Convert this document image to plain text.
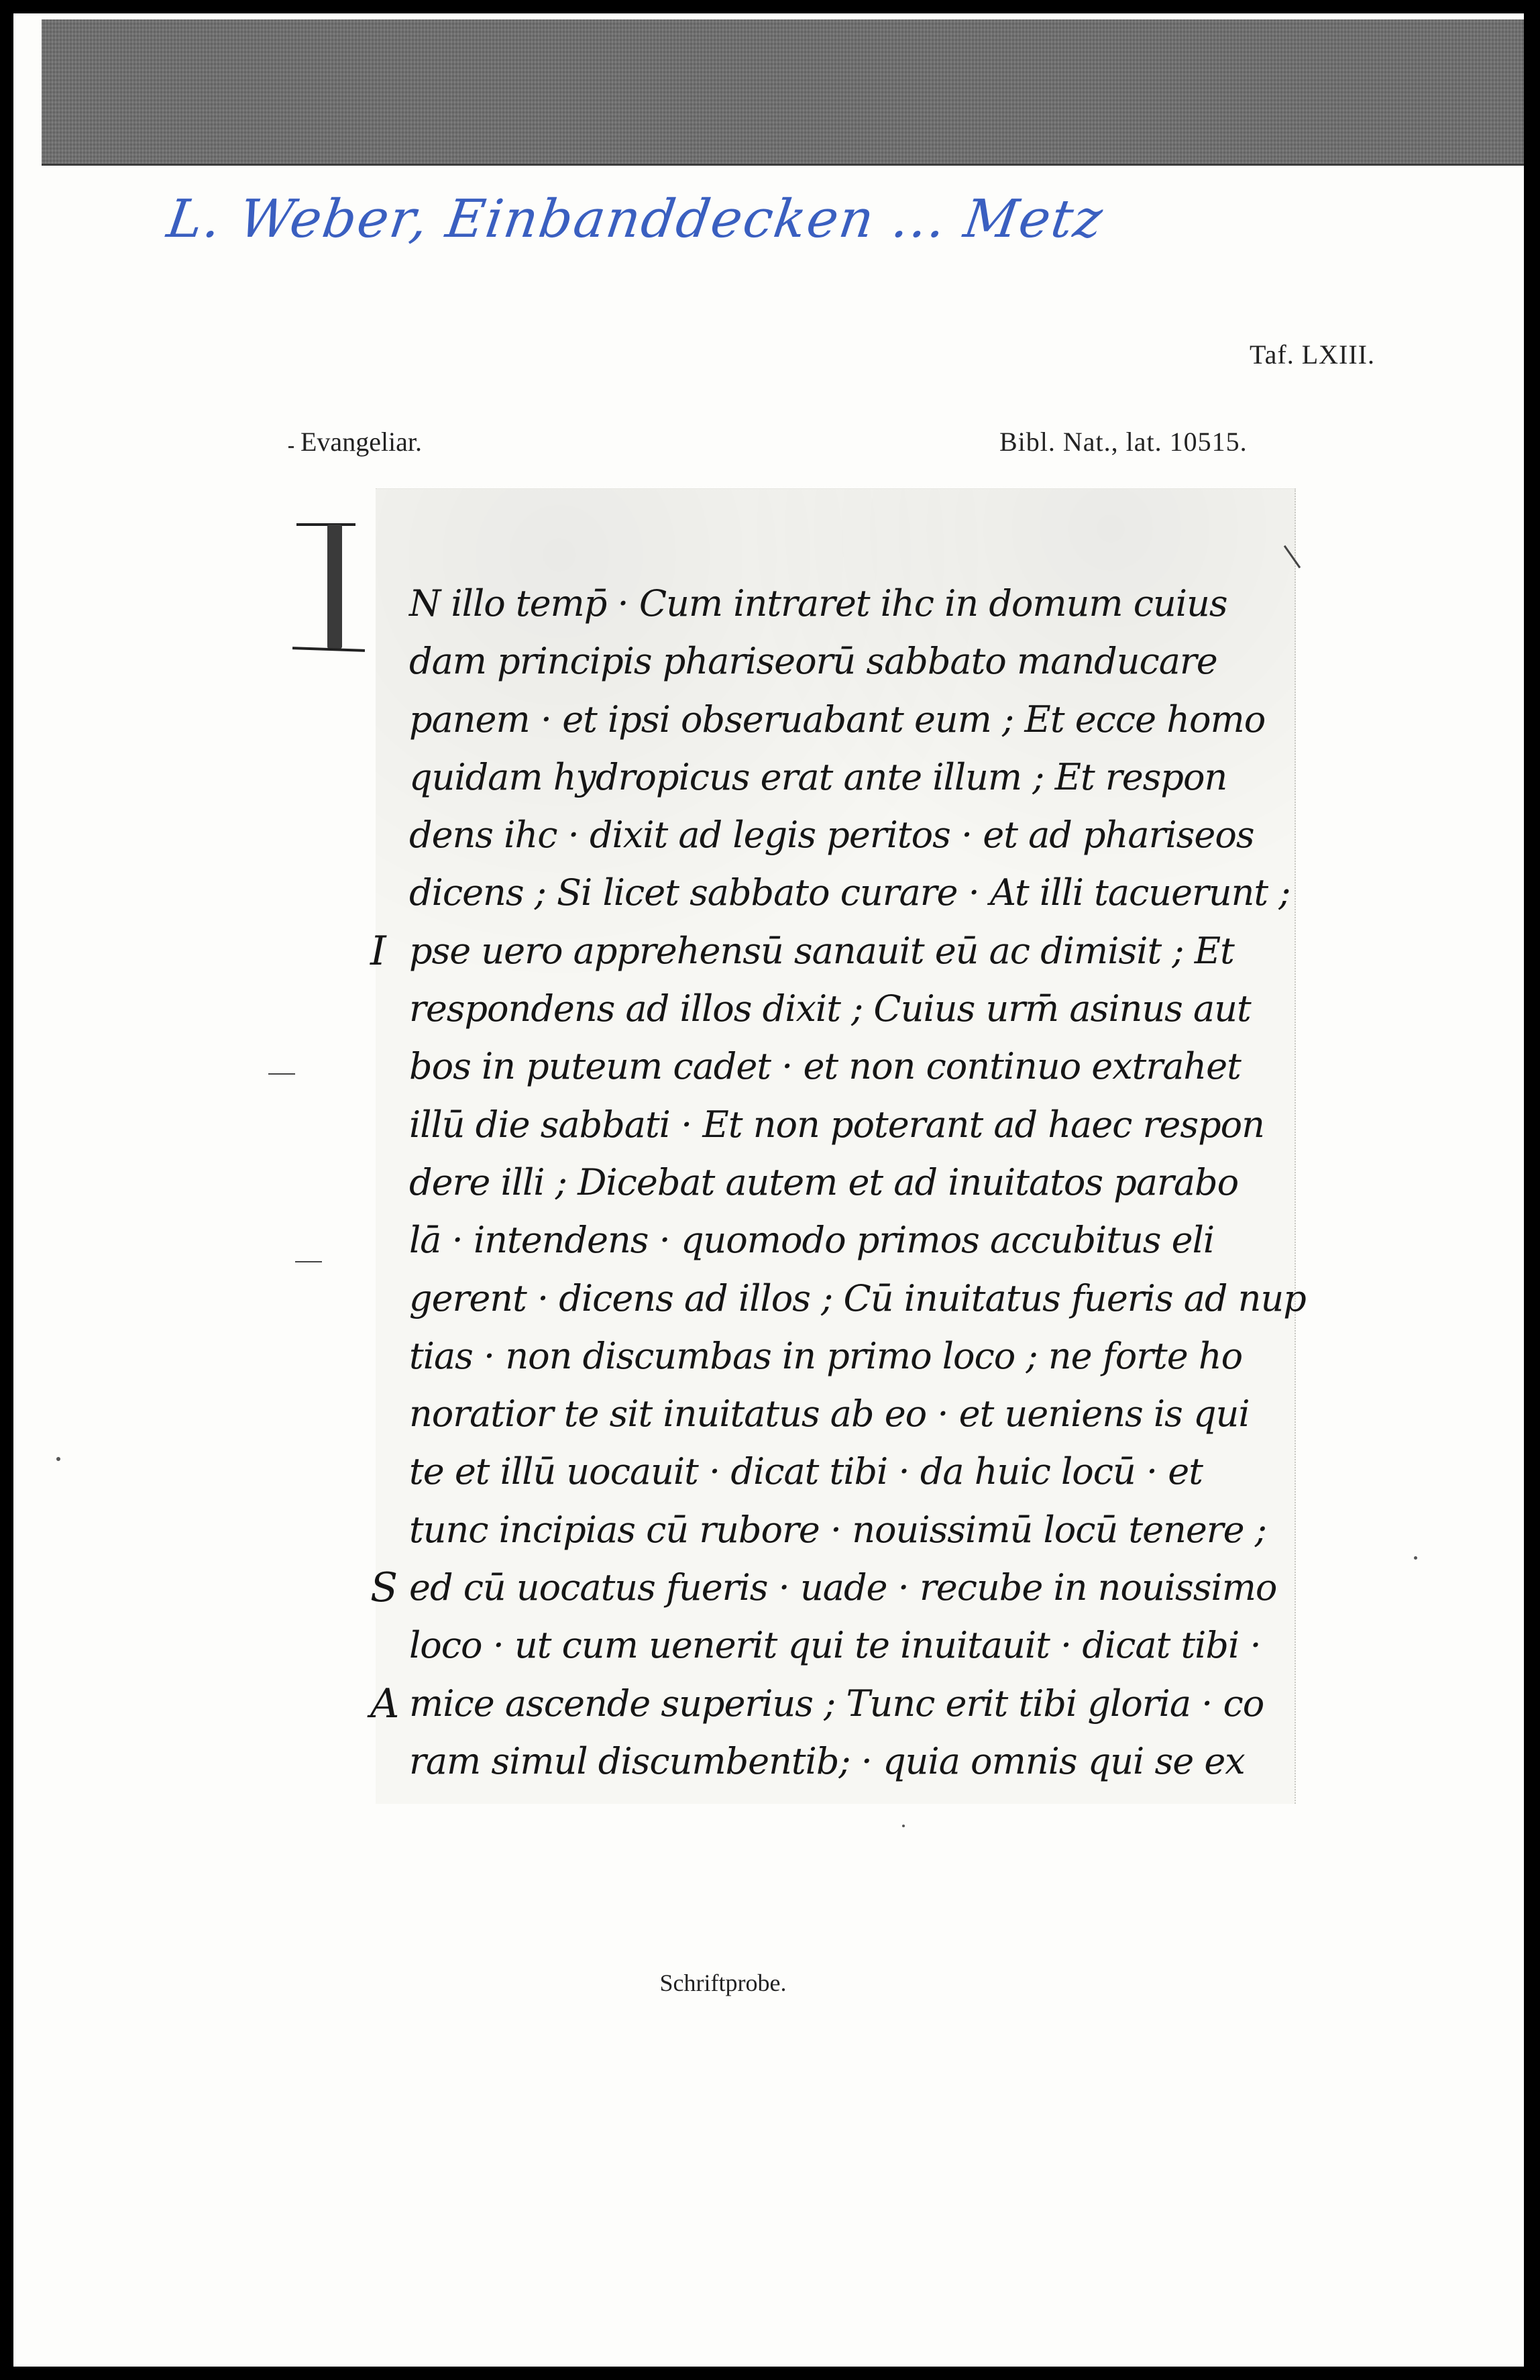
L. Weber, Einbanddecken ... Metz
Taf. LXIII.
Evangeliar.	Bibl. Nat., lat. 10515.
N illo temp̄ · Cum intraret ihc in domum cuius
dam principis phariseorū sabbato manducare
panem · et ipsi obseruabant eum ; Et ecce homo
quidam hydropicus erat ante illum ; Et respon
dens ihc · dixit ad legis peritos · et ad phariseos
dicens ; Si licet sabbato curare · At illi tacuerunt ;
I pse uero apprehensū sanauit eū ac dimisit ; Et
respondens ad illos dixit ; Cuius urm̄ asinus aut
bos in puteum cadet · et non continuo extrahet
illū die sabbati · Et non poterant ad haec respon
dere illi ; Dicebat autem et ad inuitatos parabo
lā · intendens · quomodo primos accubitus eli
gerent · dicens ad illos ; Cū inuitatus fueris ad nup
tias · non discumbas in primo loco ; ne forte ho
noratior te sit inuitatus ab eo · et ueniens is qui
te et illū uocauit · dicat tibi · da huic locū · et
tunc incipias cū rubore · nouissimū locū tenere ;
S ed cū uocatus fueris · uade · recube in nouissimo
loco · ut cum uenerit qui te inuitauit · dicat tibi ·
A mice ascende superius ; Tunc erit tibi gloria · co
ram simul discumbentib; · quia omnis qui se ex
Schriftprobe.
